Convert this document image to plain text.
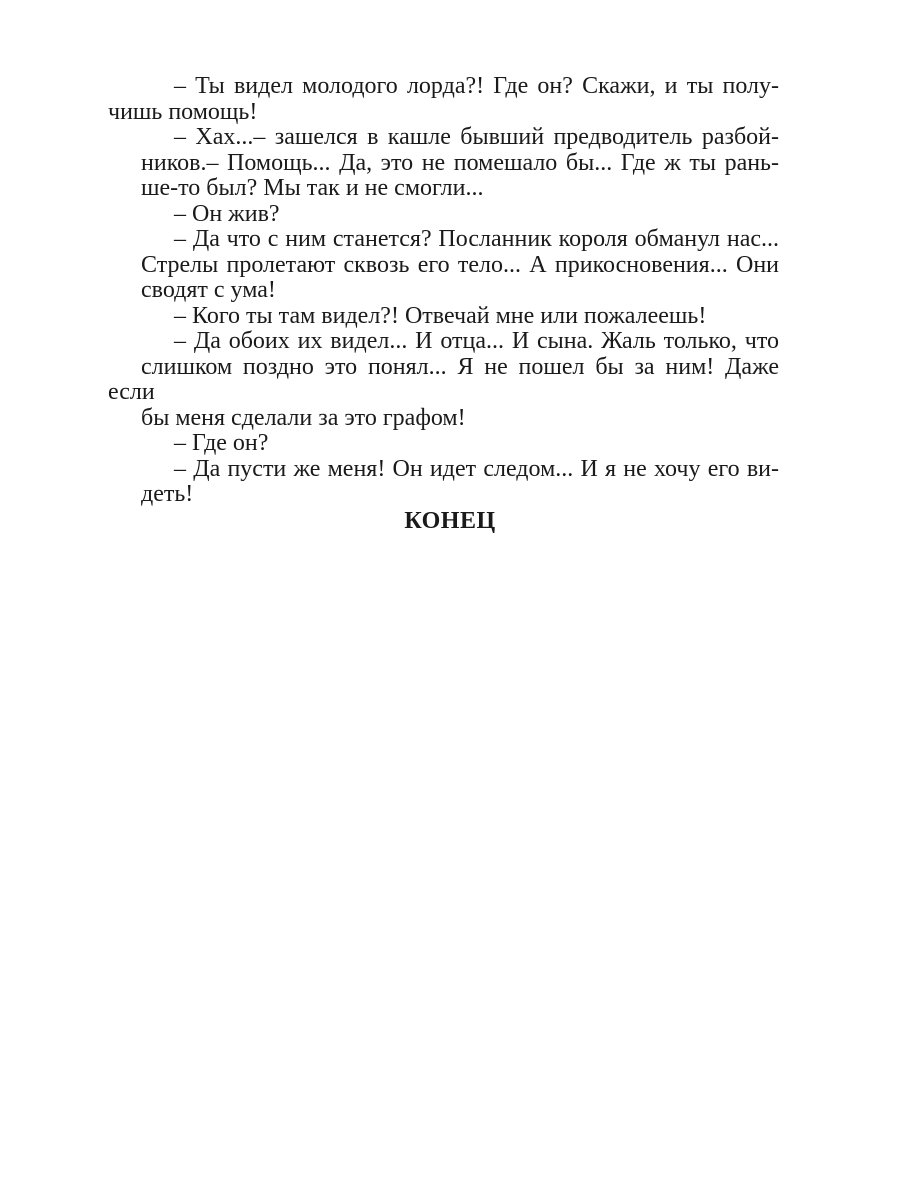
– Ты видел молодого лорда?! Где он? Скажи, и ты полу-
чишь помощь!
– Хах...– зашелся в кашле бывший предводитель разбой-
ников.– Помощь... Да, это не помешало бы... Где ж ты рань-
ше-то был? Мы так и не смогли...
– Он жив?
– Да что с ним станется? Посланник короля обманул нас...
Стрелы пролетают сквозь его тело... А прикосновения... Они
сводят с ума!
– Кого ты там видел?! Отвечай мне или пожалеешь!
– Да обоих их видел... И отца... И сына. Жаль только, что
слишком поздно это понял... Я не пошел бы за ним! Даже если
бы меня сделали за это графом!
– Где он?
– Да пусти же меня! Он идет следом... И я не хочу его ви-
деть!
КОНЕЦ
